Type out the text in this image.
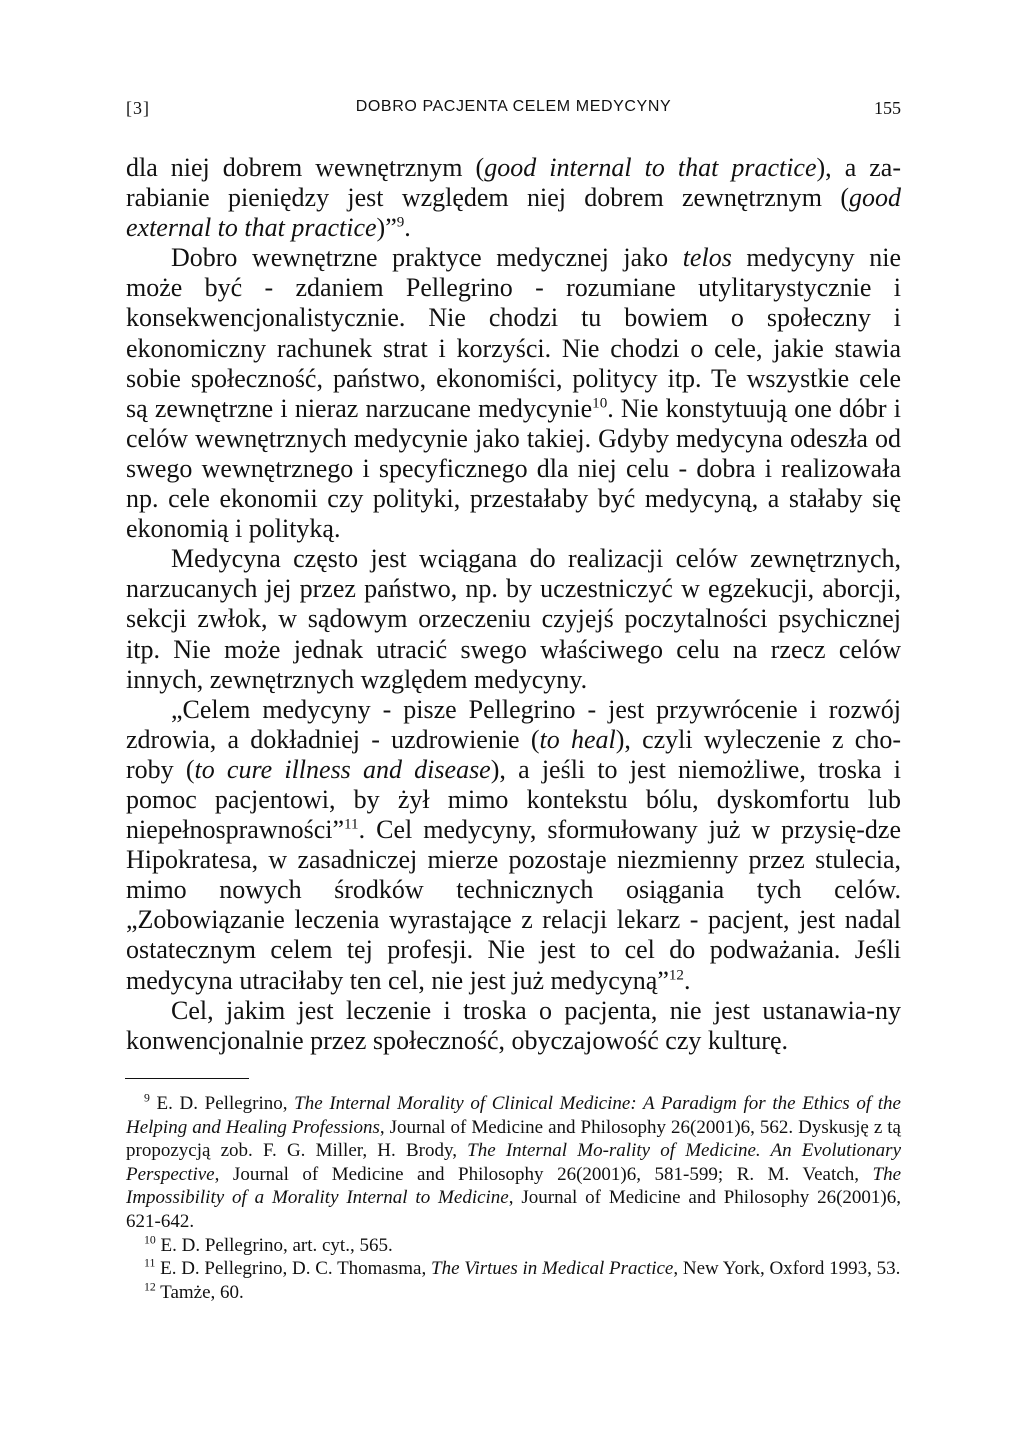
[3]	DOBRO PACJENTA CELEM MEDYCYNY	155

dla niej dobrem wewnętrznym (good internal to that practice), a za-rabianie pieniędzy jest względem niej dobrem zewnętrznym (good external to that practice)”$^9$.

Dobro wewnętrzne praktyce medycznej jako telos medycyny nie może być - zdaniem Pellegrino - rozumiane utylitarystycznie i konsekwencjonalistycznie. Nie chodzi tu bowiem o społeczny i ekonomiczny rachunek strat i korzyści. Nie chodzi o cele, jakie stawia sobie społeczność, państwo, ekonomiści, politycy itp. Te wszystkie cele są zewnętrzne i nieraz narzucane medycynie$^{10}$. Nie konstytuują one dóbr i celów wewnętrznych medycynie jako takiej. Gdyby medycyna odeszła od swego wewnętrznego i specyficznego dla niej celu - dobra i realizowała np. cele ekonomii czy polityki, przestałaby być medycyną, a stałaby się ekonomią i polityką.

Medycyna często jest wciągana do realizacji celów zewnętrznych, narzucanych jej przez państwo, np. by uczestniczyć w egzekucji, aborcji, sekcji zwłok, w sądowym orzeczeniu czyjejś poczytalności psychicznej itp. Nie może jednak utracić swego właściwego celu na rzecz celów innych, zewnętrznych względem medycyny.

„Celem medycyny - pisze Pellegrino - jest przywrócenie i rozwój zdrowia, a dokładniej - uzdrowienie (to heal), czyli wyleczenie z cho-roby (to cure illness and disease), a jeśli to jest niemożliwe, troska i pomoc pacjentowi, by żył mimo kontekstu bólu, dyskomfortu lub niepełnosprawności”$^{11}$. Cel medycyny, sformułowany już w przysię-dze Hipokratesa, w zasadniczej mierze pozostaje niezmienny przez stulecia, mimo nowych środków technicznych osiągania tych celów. „Zobowiązanie leczenia wyrastające z relacji lekarz - pacjent, jest nadal ostatecznym celem tej profesji. Nie jest to cel do podważania. Jeśli medycyna utraciłaby ten cel, nie jest już medycyną”$^{12}$.

Cel, jakim jest leczenie i troska o pacjenta, nie jest ustanawia-ny konwencjonalnie przez społeczność, obyczajowość czy kulturę.

$^9$ E. D. Pellegrino, The Internal Morality of Clinical Medicine: A Paradigm for the Ethics of the Helping and Healing Professions, Journal of Medicine and Philosophy 26(2001)6, 562. Dyskusję z tą propozycją zob. F. G. Miller, H. Brody, The Internal Mo-rality of Medicine. An Evolutionary Perspective, Journal of Medicine and Philosophy 26(2001)6, 581-599; R. M. Veatch, The Impossibility of a Morality Internal to Medicine, Journal of Medicine and Philosophy 26(2001)6, 621-642.

$^{10}$ E. D. Pellegrino, art. cyt., 565.

$^{11}$ E. D. Pellegrino, D. C. Thomasma, The Virtues in Medical Practice, New York, Oxford 1993, 53.

$^{12}$ Tamże, 60.
